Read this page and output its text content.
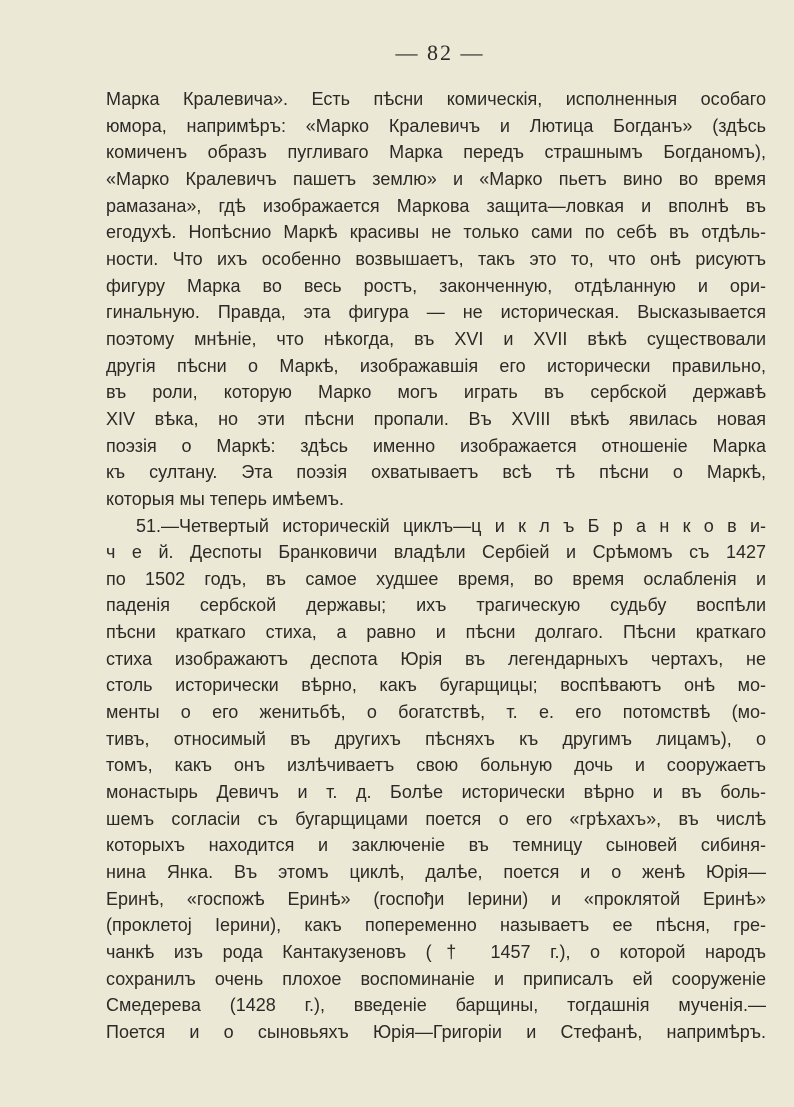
— 82 —
Марка Кралевича». Есть пѣсни комическія, исполненныя особаго
юмора, напримѣръ: «Марко Кралевичъ и Лютица Богданъ» (здѣсь
комиченъ образъ пугливаго Марка передъ страшнымъ Богданомъ),
«Марко Кралевичъ пашетъ землю» и «Марко пьетъ вино во время
рамазана», гдѣ изображается Маркова защита—ловкая и вполнѣ въ
егодухѣ. Нопѣснио Маркѣ красивы не только сами по себѣ въ отдѣль-
ности. Что ихъ особенно возвышаетъ, такъ это то, что онѣ рисуютъ
фигуру Марка во весь ростъ, законченную, отдѣланную и ори-
гинальную. Правда, эта фигура — не историческая. Высказывается
поэтому мнѣніе, что нѣкогда, въ XVI и XVII вѣкѣ существовали
другія пѣсни о Маркѣ, изображавшія его исторически правильно,
въ роли, которую Марко могъ играть въ сербской державѣ
XIV вѣка, но эти пѣсни пропали. Въ XVIII вѣкѣ явилась новая
поэзія о Маркѣ: здѣсь именно изображается отношеніе Марка
къ султану. Эта поэзія охватываетъ всѣ тѣ пѣсни о Маркѣ,
которыя мы теперь имѣемъ.
51.—Четвертый историческій циклъ—ц и к л ъ Б р а н к о в и-
ч е й. Деспоты Бранковичи владѣли Сербіей и Срѣмомъ съ 1427
по 1502 годъ, въ самое худшее время, во время ослабленія и
паденія сербской державы; ихъ трагическую судьбу воспѣли
пѣсни краткаго стиха, а равно и пѣсни долгаго. Пѣсни краткаго
стиха изображаютъ деспота Юрія въ легендарныхъ чертахъ, не
столь исторически вѣрно, какъ бугарщицы; воспѣваютъ онѣ мо-
менты о его женитьбѣ, о богатствѣ, т. е. его потомствѣ (мо-
тивъ, относимый въ другихъ пѣсняхъ къ другимъ лицамъ), о
томъ, какъ онъ излѣчиваетъ свою больную дочь и сооружаетъ
монастырь Девичъ и т. д. Болѣе исторически вѣрно и въ боль-
шемъ согласіи съ бугарщицами поется о его «грѣхахъ», въ числѣ
которыхъ находится и заключеніе въ темницу сыновей сибиня-
нина Янка. Въ этомъ циклѣ, далѣе, поется и о женѣ Юрія—
Еринѣ, «госпожѣ Еринѣ» (госпођи Іерини) и «проклятой Еринѣ»
(проклетој Іерини), какъ попеременно называетъ ее пѣсня, гре-
чанкѣ изъ рода Кантакузеновъ († 1457 г.), о которой народъ
сохранилъ очень плохое воспоминаніе и приписалъ ей сооруженіе
Смедерева (1428 г.), введеніе барщины, тогдашнія мученія.—
Поется и о сыновьяхъ Юрія—Григоріи и Стефанѣ, напримѣръ.
